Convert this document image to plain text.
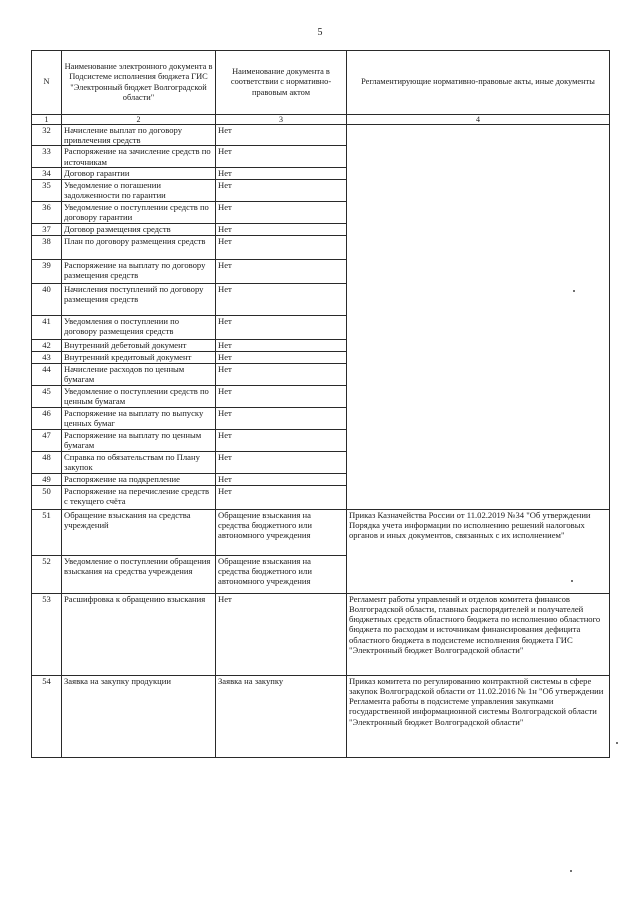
5
N	Наименование электронного документа в Подсистеме исполнения бюджета ГИС "Электронный бюджет Волгоградской области"	Наименование документа в соответствии с нормативно-правовым актом	Регламентирующие нормативно-правовые акты, иные документы
1	2	3	4
32	Начисление выплат по договору привлечения средств	Нет	
33	Распоряжение на зачисление средств по источникам	Нет	
34	Договор гарантии	Нет	
35	Уведомление о погашении задолженности по гарантии	Нет	
36	Уведомление о поступлении средств по договору гарантии	Нет	
37	Договор размещения средств	Нет	
38	План по договору размещения средств	Нет	
39	Распоряжение на выплату по договору размещения средств	Нет	
40	Начисления поступлений по договору размещения средств	Нет	
41	Уведомления о поступлении по договору размещения средств	Нет	
42	Внутренний дебетовый документ	Нет	
43	Внутренний кредитовый документ	Нет	
44	Начисление расходов по ценным бумагам	Нет	
45	Уведомление о поступлении средств по ценным бумагам	Нет	
46	Распоряжение на выплату по выпуску ценных бумаг	Нет	
47	Распоряжение на выплату по ценным бумагам	Нет	
48	Справка по обязательствам по Плану закупок	Нет	
49	Распоряжение на подкрепление	Нет	
50	Распоряжение на перечисление средств с текущего счёта	Нет	
51	Обращение взыскания на средства учреждений	Обращение взыскания на средства бюджетного или автономного учреждения	Приказ Казначейства России от 11.02.2019 №34 "Об утверждении Порядка учета информации по исполнению решений налоговых органов и иных документов, связанных с их исполнением"
52	Уведомление о поступлении обращения взыскания на средства учреждения	Обращение взыскания на средства бюджетного или автономного учреждения	
53	Расшифровка к обращению взыскания	Нет	Регламент работы управлений и отделов комитета финансов Волгоградской области, главных распорядителей и получателей бюджетных средств областного бюджета по исполнению областного бюджета по расходам и источникам финансирования дефицита областного бюджета в подсистеме исполнения бюджета ГИС "Электронный бюджет Волгоградской области"
54	Заявка на закупку продукции	Заявка на закупку	Приказ комитета по регулированию контрактной системы в сфере закупок Волгоградской области от 11.02.2016 № 1н "Об утверждении Регламента работы в подсистеме управления закупками государственной информационной системы Волгоградской области "Электронный бюджет Волгоградской области"
